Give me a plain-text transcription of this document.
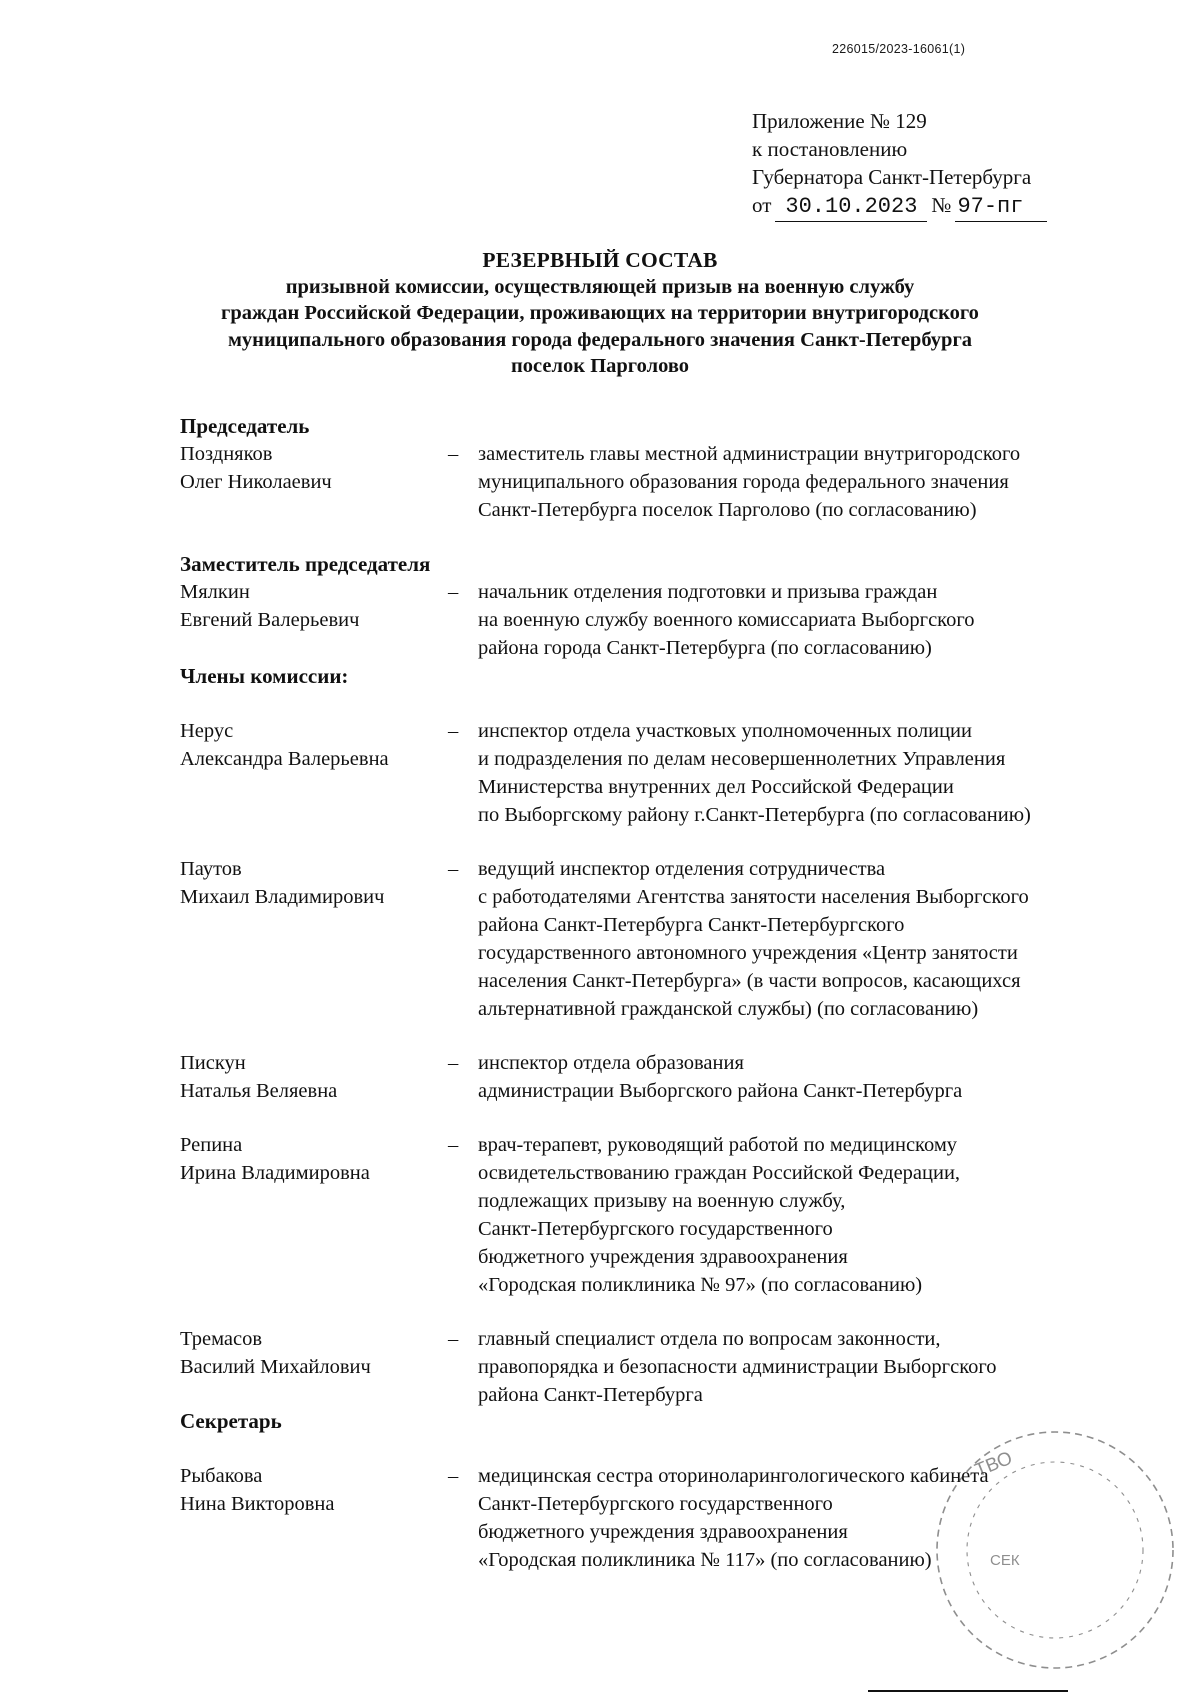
226015/2023-16061(1)
Приложение № 129
к постановлению
Губернатора Санкт-Петербурга
от 30.10.2023 № 97-пг
РЕЗЕРВНЫЙ СОСТАВ
призывной комиссии, осуществляющей призыв на военную службу
граждан Российской Федерации, проживающих на территории внутригородского
муниципального образования города федерального значения Санкт-Петербурга
поселок Парголово
Председатель
Поздняков
Олег Николаевич
– заместитель главы местной администрации внутригородского
муниципального образования города федерального значения
Санкт-Петербурга поселок Парголово (по согласованию)
Заместитель председателя
Мялкин
Евгений Валерьевич
– начальник отделения подготовки и призыва граждан
на военную службу военного комиссариата Выборгского
района города Санкт-Петербурга (по согласованию)
Члены комиссии:
Нерус
Александра Валерьевна
– инспектор отдела участковых уполномоченных полиции
и подразделения по делам несовершеннолетних Управления
Министерства внутренних дел Российской Федерации
по Выборгскому району г.Санкт-Петербурга (по согласованию)
Паутов
Михаил Владимирович
– ведущий инспектор отделения сотрудничества
с работодателями Агентства занятости населения Выборгского
района Санкт-Петербурга Санкт-Петербургского
государственного автономного учреждения «Центр занятости
населения Санкт-Петербурга» (в части вопросов, касающихся
альтернативной гражданской службы) (по согласованию)
Пискун
Наталья Веляевна
– инспектор отдела образования
администрации Выборгского района Санкт-Петербурга
Репина
Ирина Владимировна
– врач-терапевт, руководящий работой по медицинскому
освидетельствованию граждан Российской Федерации,
подлежащих призыву на военную службу,
Санкт-Петербургского государственного
бюджетного учреждения здравоохранения
«Городская поликлиника № 97» (по согласованию)
Тремасов
Василий Михайлович
– главный специалист отдела по вопросам законности,
правопорядка и безопасности администрации Выборгского
района Санкт-Петербурга
Секретарь
Рыбакова
Нина Викторовна
– медицинская сестра оториноларингологического кабинета
Санкт-Петербургского государственного
бюджетного учреждения здравоохранения
«Городская поликлиника № 117» (по согласованию)
ТВО
СЕК
